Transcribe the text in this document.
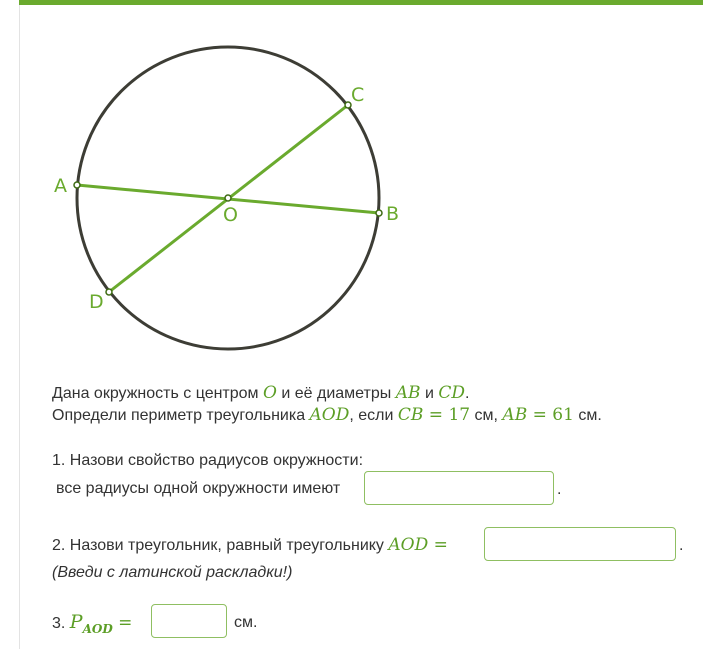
A
B
C
D
O
Дана окружность с центром O и её диаметры AB и CD.
Определи периметр треугольника AOD, если CB = 17 см, AB = 61 см.
1. Назови свойство радиусов окружности:
все радиусы одной окружности имеют	.
2. Назови треугольник, равный треугольнику AOD =	.
(Введи с латинской раскладки!)
3. $P_{AOD}$ =	см.
